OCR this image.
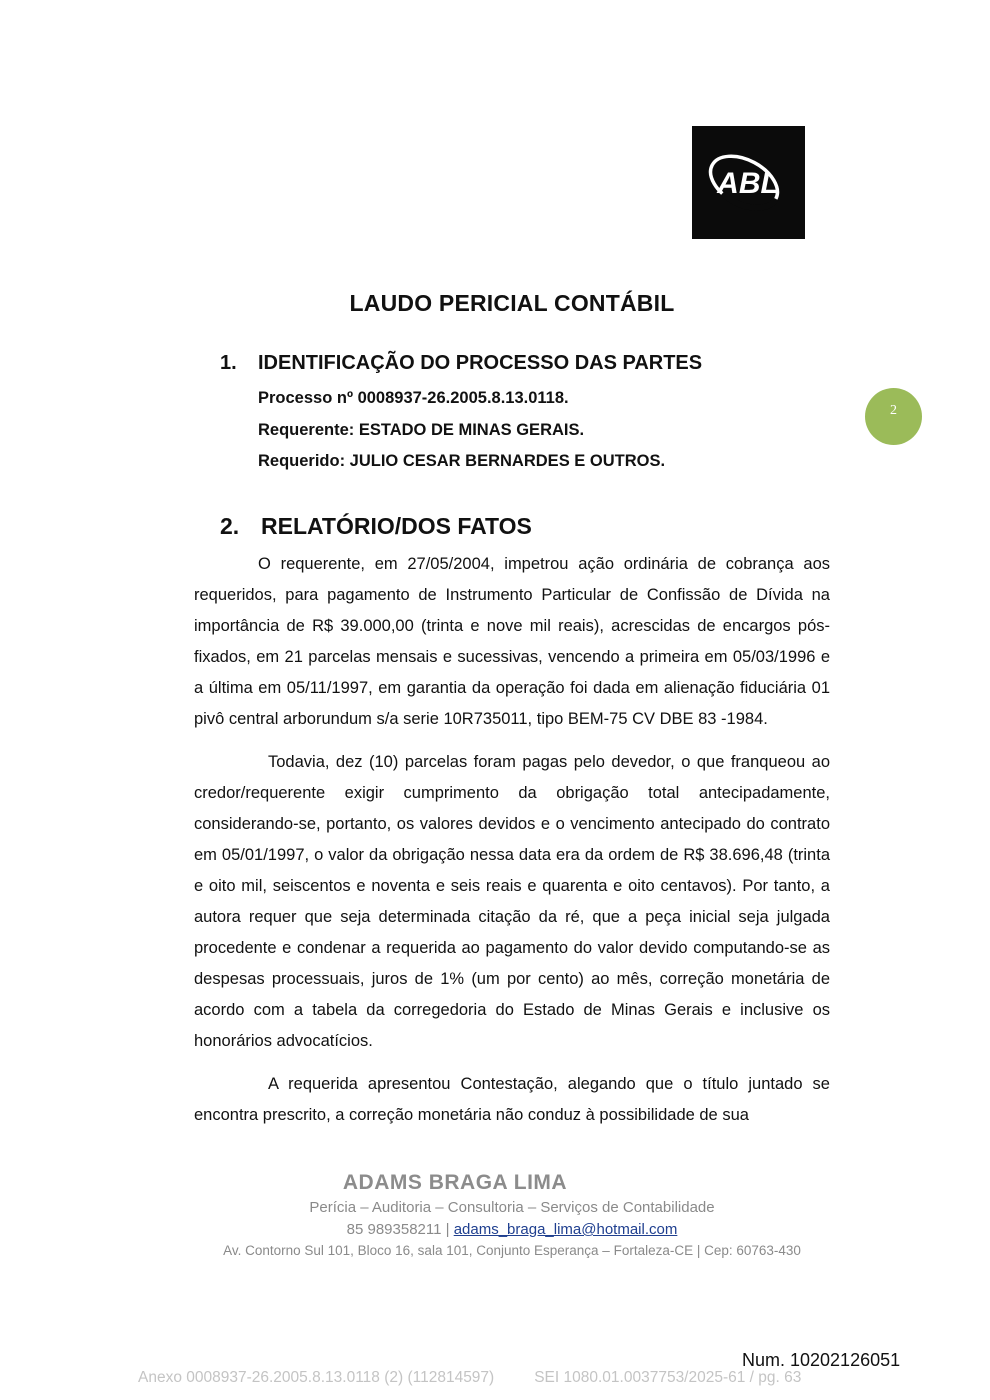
ABL
2
LAUDO PERICIAL CONTÁBIL
1. IDENTIFICAÇÃO DO PROCESSO DAS PARTES
Processo nº 0008937-26.2005.8.13.0118.
Requerente: ESTADO DE MINAS GERAIS.
Requerido: JULIO CESAR BERNARDES E OUTROS.
2. RELATÓRIO/DOS FATOS

O requerente, em 27/05/2004, impetrou ação ordinária de cobrança aos requeridos, para pagamento de Instrumento Particular de Confissão de Dívida na importância de R$ 39.000,00 (trinta e nove mil reais), acrescidas de encargos pós-fixados, em 21 parcelas mensais e sucessivas, vencendo a primeira em 05/03/1996 e a última em 05/11/1997, em garantia da operação foi dada em alienação fiduciária 01 pivô central arborundum s/a serie 10R735011, tipo BEM-75 CV DBE 83 -1984.

Todavia, dez (10) parcelas foram pagas pelo devedor, o que franqueou ao credor/requerente exigir cumprimento da obrigação total antecipadamente, considerando-se, portanto, os valores devidos e o vencimento antecipado do contrato em 05/01/1997, o valor da obrigação nessa data era da ordem de R$ 38.696,48 (trinta e oito mil, seiscentos e noventa e seis reais e quarenta e oito centavos). Por tanto, a autora requer que seja determinada citação da ré, que a peça inicial seja julgada procedente e condenar a requerida ao pagamento do valor devido computando-se as despesas processuais, juros de 1% (um por cento) ao mês, correção monetária de acordo com a tabela da corregedoria do Estado de Minas Gerais e inclusive os honorários advocatícios.

A requerida apresentou Contestação, alegando que o título juntado se encontra prescrito, a correção monetária não conduz à possibilidade de sua

ADAMS BRAGA LIMA
Perícia – Auditoria – Consultoria – Serviços de Contabilidade
85 989358211 | adams_braga_lima@hotmail.com
Av. Contorno Sul 101, Bloco 16, sala 101, Conjunto Esperança – Fortaleza-CE | Cep: 60763-430
Num. 10202126051
Anexo 0008937-26.2005.8.13.0118 (2) (112814597)	SEI 1080.01.0037753/2025-61 / pg. 63
